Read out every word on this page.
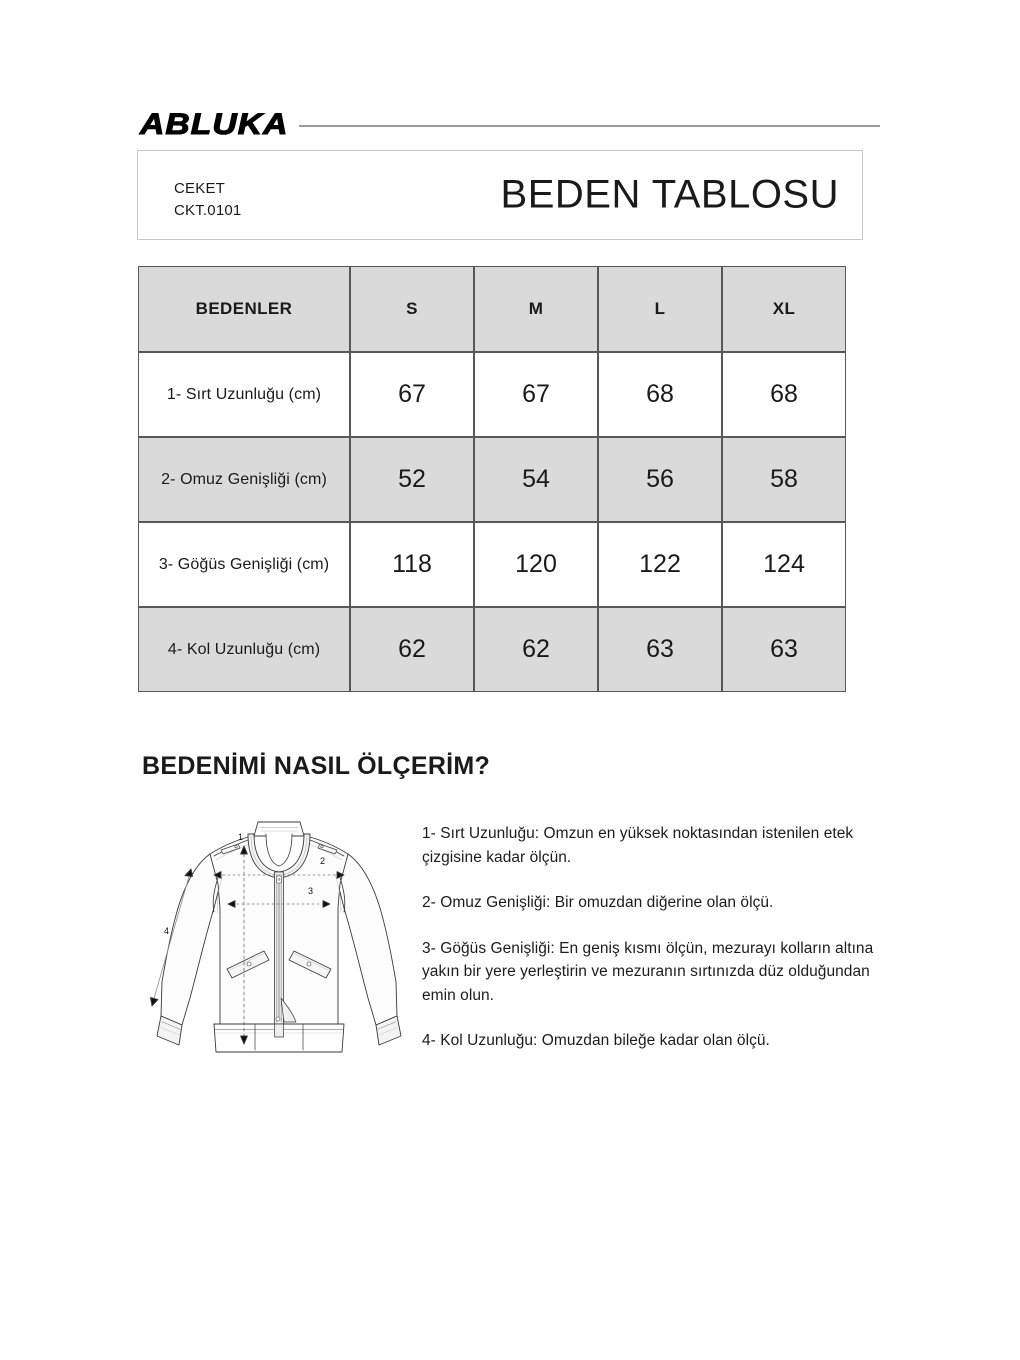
ABLUKA
CEKET
CKT.0101	BEDEN TABLOSU
BEDENLER	S	M	L	XL
1- Sırt Uzunluğu (cm)	67	67	68	68
2- Omuz Genişliği (cm)	52	54	56	58
3- Göğüs Genişliği (cm)	118	120	122	124
4- Kol Uzunluğu (cm)	62	62	63	63
BEDENİMİ NASIL ÖLÇERİM?
1
2
3
4

1- Sırt Uzunluğu: Omzun en yüksek noktasından istenilen etek çizgisine kadar ölçün.

2- Omuz Genişliği: Bir omuzdan diğerine olan ölçü.

3- Göğüs Genişliği: En geniş kısmı ölçün, mezurayı kolların altına yakın bir yere yerleştirin ve mezuranın sırtınızda düz olduğundan emin olun.

4- Kol Uzunluğu: Omuzdan bileğe kadar olan ölçü.
